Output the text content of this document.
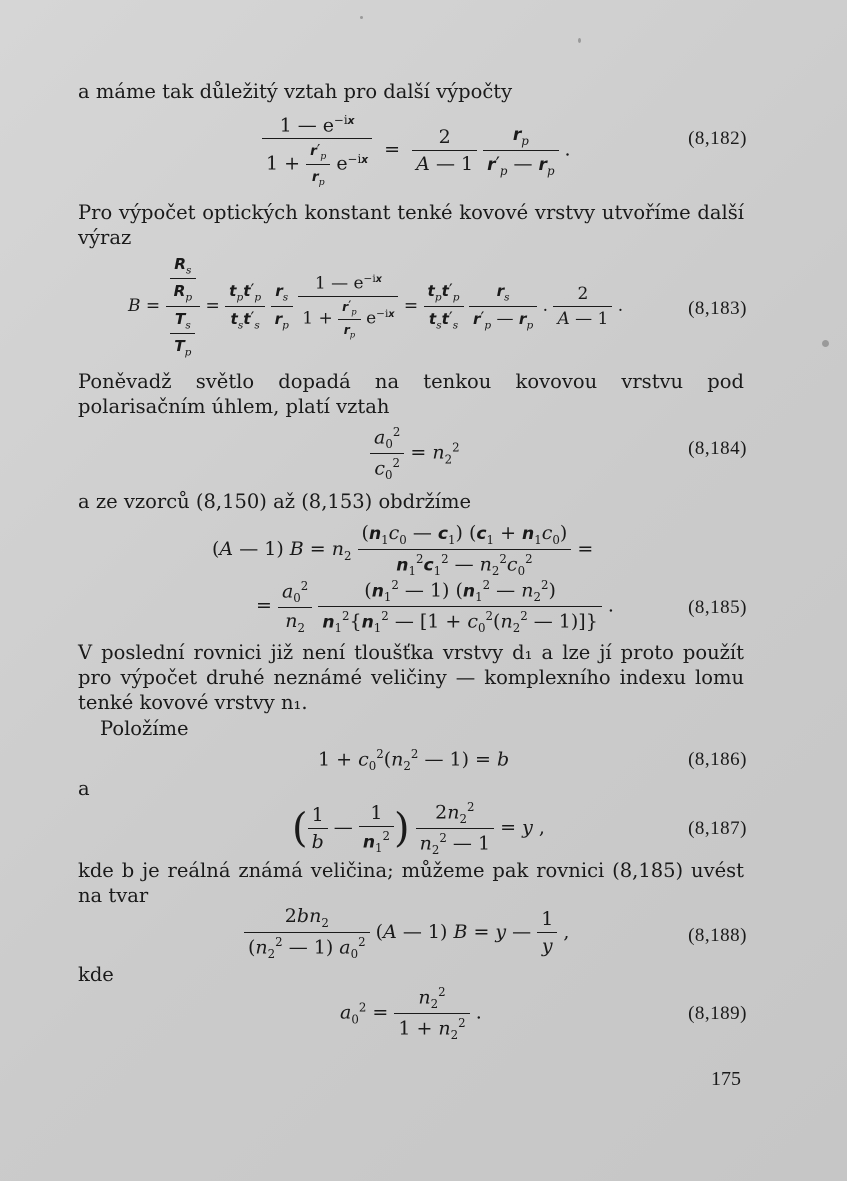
a máme tak důležitý vztah pro další výpočty
$\frac{1 — e^{-ix}}{1 + \frac{r'_p}{r_p} e^{-ix}} = \frac{2}{A — 1}$
$\frac{r_p}{r'_p — r_p}$ .
(8,182)
Pro výpočet optických konstant tenké kovové vrstvy utvoříme další výraz
$B = \frac{\frac{R_s}{R_p}}{\frac{T_s}{T_p}} = \frac{t_pt'_p}{t_st'_s}$
$\frac{r_s}{r_p}$
$\frac{1 — e^{-ix}}{1 + \frac{r'_p}{r_p} e^{-ix}} = \frac{t_pt'_p}{t_st'_s}$
$\frac{r_s}{r'_p — r_p}$ . $\frac{2}{A — 1}$ .	(8,183)
Poněvadž světlo dopadá na tenkou kovovou vrstvu pod polarisačním úhlem, platí vztah
$\frac{a_0^2}{c_0^2} = n_2^2$	(8,184)
a ze vzorců (8,150) až (8,153) obdržíme
(A — 1) $B = n_2 \frac{(n_1c_0 — c_1) (c_1 + n_1c_0)}{n_1^2c_1^2 — n_2^2c_0^2}$ =
= $\frac{a_0^2}{n_2}$
$\frac{(n_1^2 — 1) (n_1^2 — n_2^2)}{n_1^2\{n_1^2 — [1 + c_0^2(n_2^2 — 1)]\}}$ .	(8,185)
V poslední rovnici již není tloušťka vrstvy d₁ a lze jí proto použít pro výpočet druhé neznámé veličiny — komplexního indexu lomu tenké kovové vrstvy n₁.
Položíme
$1 + c_0^2(n_2^2$ — 1) = b	(8,186)
a
( $\frac{1}{b}$ — $\frac{1}{n_1^2}$ ) $\frac{2n_2^2}{n_2^2 — 1} = y$ ,	(8,187)
kde b je reálná známá veličina; můžeme pak rovnici (8,185) uvést na tvar
$\frac{2bn_2}{(n_2^2 — 1) a_0^2} (A$ — 1) B = y — $\frac{1}{y}$ ,	(8,188)
kde
$a_0^2 = \frac{n_2^2}{1 + n_2^2}$ .	(8,189)
175
